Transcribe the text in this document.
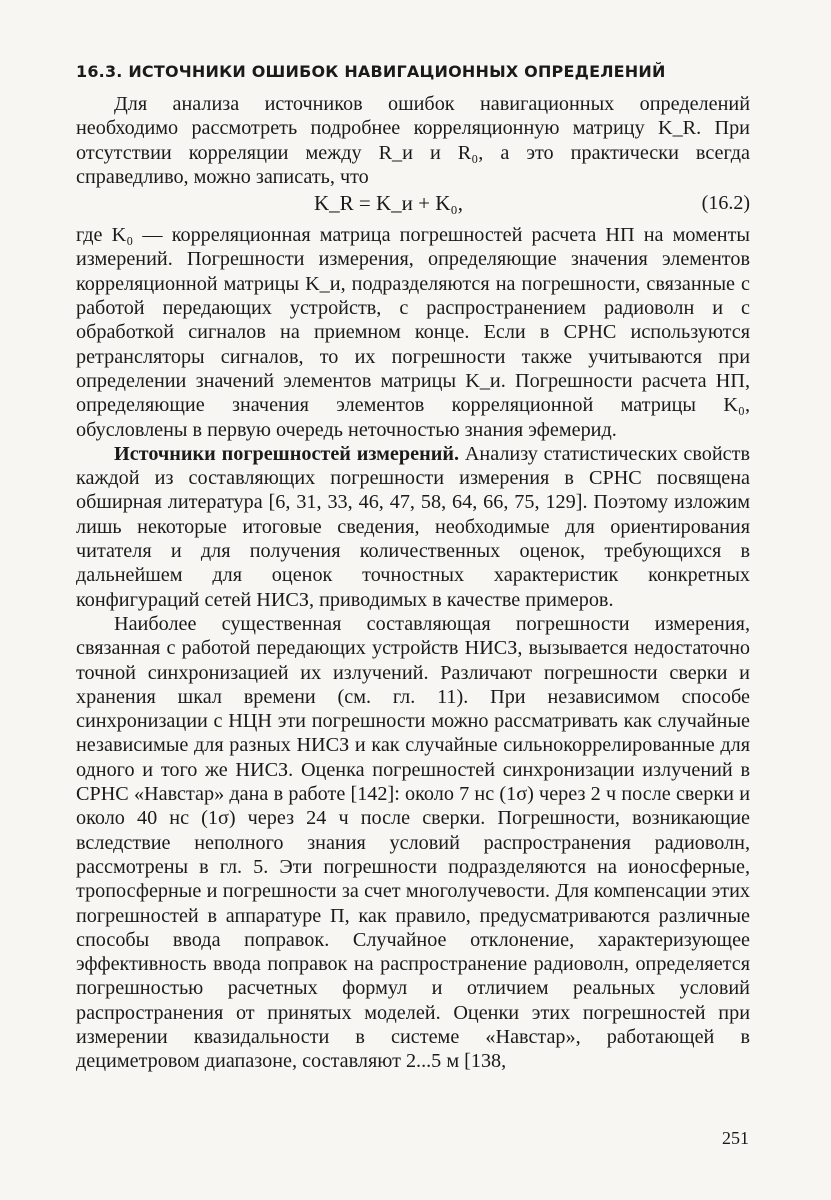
16.3. ИСТОЧНИКИ ОШИБОК НАВИГАЦИОННЫХ ОПРЕДЕЛЕНИЙ

Для анализа источников ошибок навигационных определений необходимо рассмотреть подробнее корреляционную матрицу K_R. При отсутствии корреляции между R_и и R₀, а это практически всегда справедливо, можно записать, что

K_R = K_и + K₀,	(16.2)

где K₀ — корреляционная матрица погрешностей расчета НП на моменты измерений. Погрешности измерения, определяющие значения элементов корреляционной матрицы K_и, подразделяются на погрешности, связанные с работой передающих устройств, с распространением радиоволн и с обработкой сигналов на приемном конце. Если в СРНС используются ретрансляторы сигналов, то их погрешности также учитываются при определении значений элементов матрицы K_и. Погрешности расчета НП, определяющие значения элементов корреляционной матрицы K₀, обусловлены в первую очередь неточностью знания эфемерид.

Источники погрешностей измерений. Анализу статистических свойств каждой из составляющих погрешности измерения в СРНС посвящена обширная литература [6, 31, 33, 46, 47, 58, 64, 66, 75, 129]. Поэтому изложим лишь некоторые итоговые сведения, необходимые для ориентирования читателя и для получения количественных оценок, требующихся в дальнейшем для оценок точностных характеристик конкретных конфигураций сетей НИСЗ, приводимых в качестве примеров.

Наиболее существенная составляющая погрешности измерения, связанная с работой передающих устройств НИСЗ, вызывается недостаточно точной синхронизацией их излучений. Различают погрешности сверки и хранения шкал времени (см. гл. 11). При независимом способе синхронизации с НЦН эти погрешности можно рассматривать как случайные независимые для разных НИСЗ и как случайные сильнокоррелированные для одного и того же НИСЗ. Оценка погрешностей синхронизации излучений в СРНС «Навстар» дана в работе [142]: около 7 нс (1σ) через 2 ч после сверки и около 40 нс (1σ) через 24 ч после сверки. Погрешности, возникающие вследствие неполного знания условий распространения радиоволн, рассмотрены в гл. 5. Эти погрешности подразделяются на ионосферные, тропосферные и погрешности за счет многолучевости. Для компенсации этих погрешностей в аппаратуре П, как правило, предусматриваются различные способы ввода поправок. Случайное отклонение, характеризующее эффективность ввода поправок на распространение радиоволн, определяется погрешностью расчетных формул и отличием реальных условий распространения от принятых моделей. Оценки этих погрешностей при измерении квазидальности в системе «Навстар», работающей в дециметровом диапазоне, составляют 2...5 м [138,

251
